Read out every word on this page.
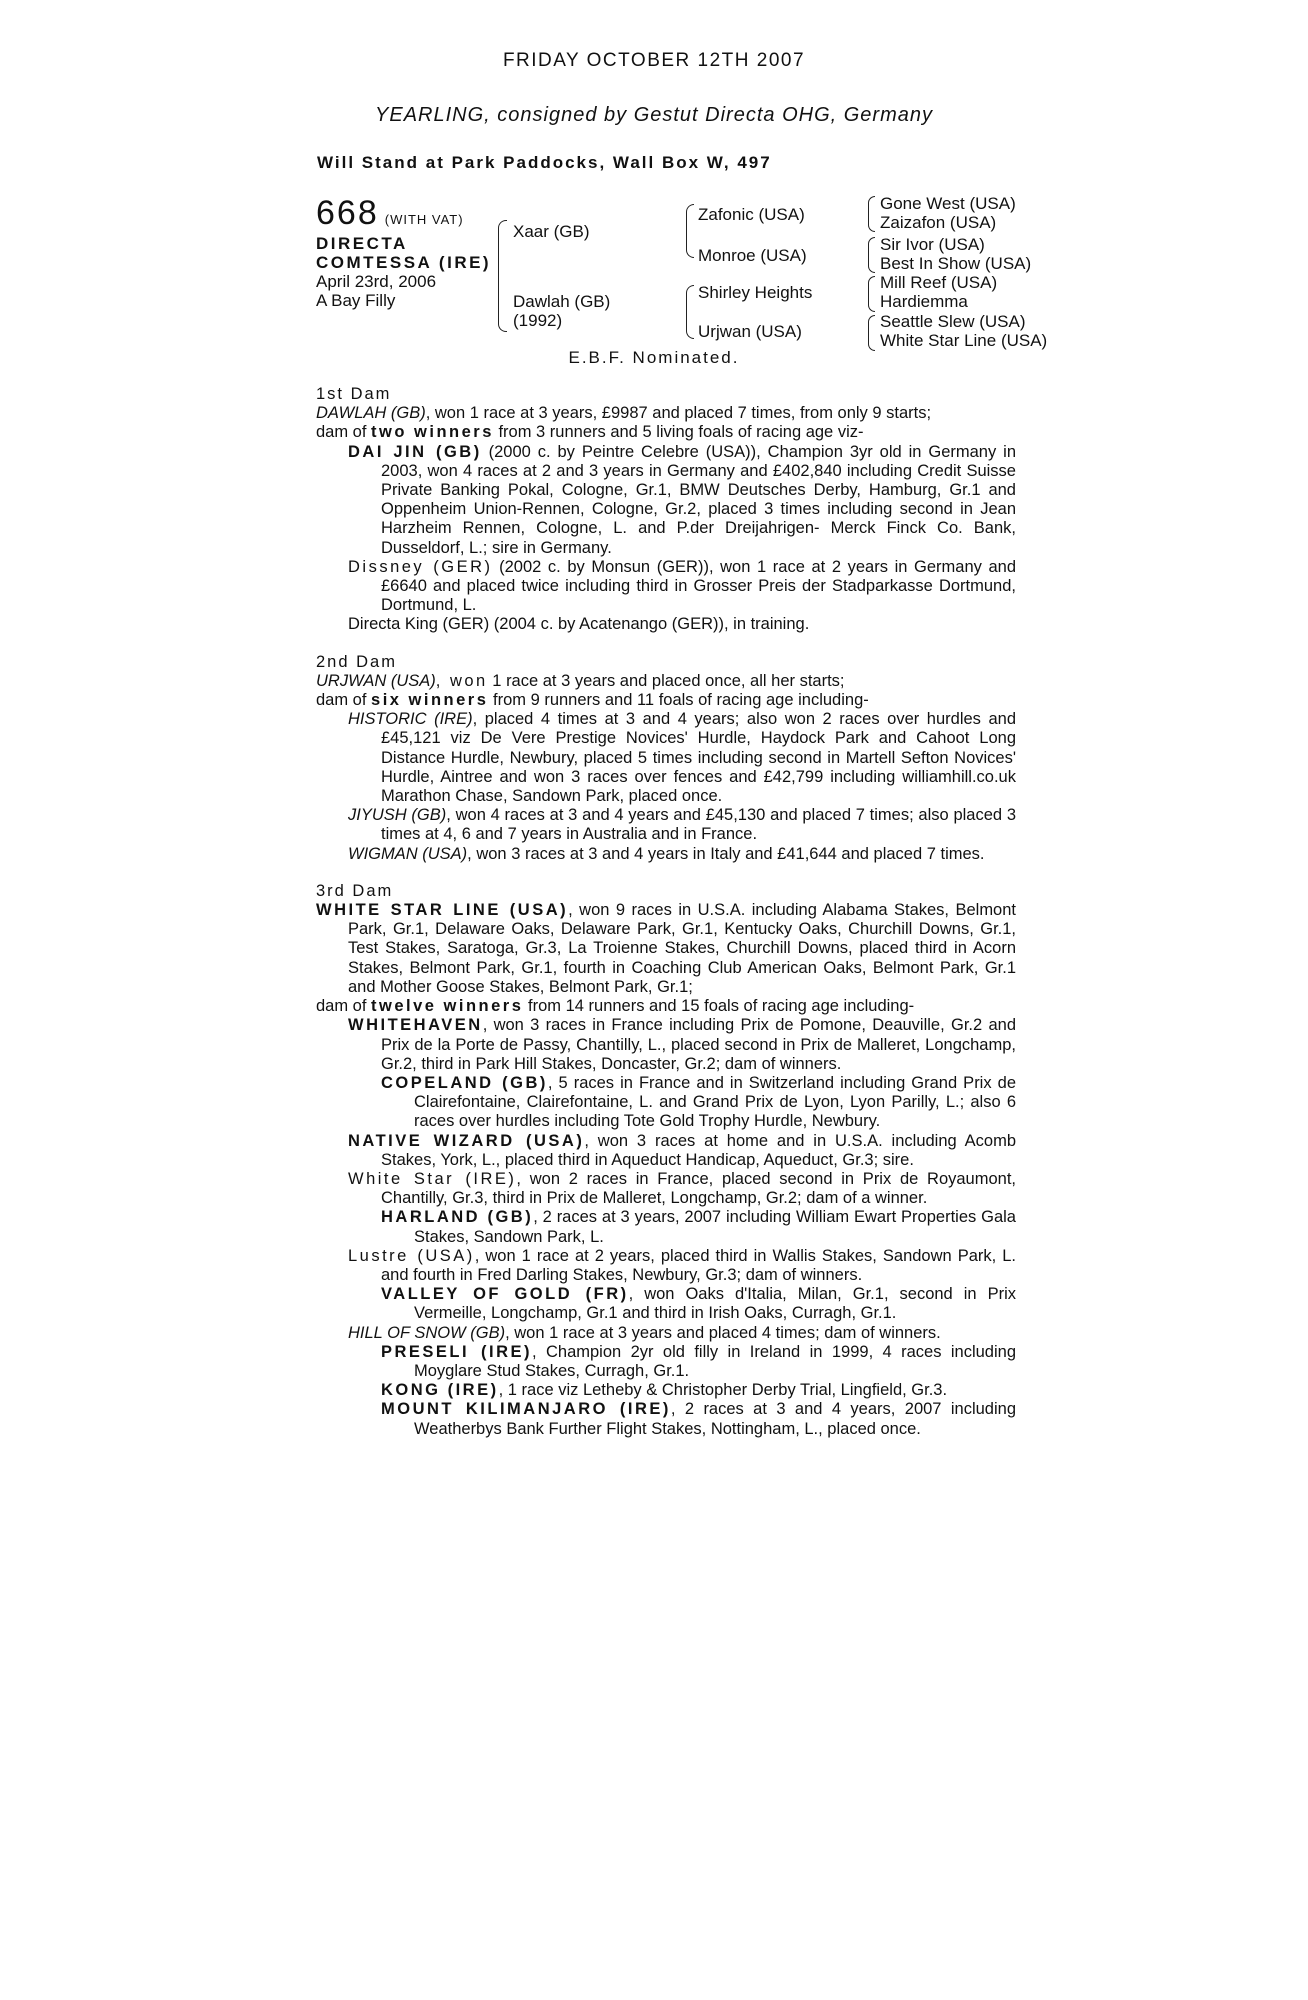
FRIDAY OCTOBER 12TH 2007
YEARLING, consigned by Gestut Directa OHG, Germany
Will Stand at Park Paddocks, Wall Box W, 497
668 (WITH VAT)
DIRECTA
COMTESSA (IRE)
April 23rd, 2006
A Bay Filly
Xaar (GB)
Dawlah (GB)
(1992)
Zafonic (USA)
Monroe (USA)
Shirley Heights
Urjwan (USA)
Gone West (USA)
Zaizafon (USA)
Sir Ivor (USA)
Best In Show (USA)
Mill Reef (USA)
Hardiemma
Seattle Slew (USA)
White Star Line (USA)
E.B.F. Nominated.

1st Dam

DAWLAH (GB), won 1 race at 3 years, £9987 and placed 7 times, from only 9 starts;

dam of two winners from 3 runners and 5 living foals of racing age viz-

DAI JIN (GB) (2000 c. by Peintre Celebre (USA)), Champion 3yr old in Germany in 2003, won 4 races at 2 and 3 years in Germany and £402,840 including Credit Suisse Private Banking Pokal, Cologne, Gr.1, BMW Deutsches Derby, Hamburg, Gr.1 and Oppenheim Union-Rennen, Cologne, Gr.2, placed 3 times including second in Jean Harzheim Rennen, Cologne, L. and P.der Dreijahrigen- Merck Finck Co. Bank, Dusseldorf, L.; sire in Germany.

Dissney (GER) (2002 c. by Monsun (GER)), won 1 race at 2 years in Germany and £6640 and placed twice including third in Grosser Preis der Stadparkasse Dortmund, Dortmund, L.

Directa King (GER) (2004 c. by Acatenango (GER)), in training.

2nd Dam

URJWAN (USA), won 1 race at 3 years and placed once, all her starts;

dam of six winners from 9 runners and 11 foals of racing age including-

HISTORIC (IRE), placed 4 times at 3 and 4 years; also won 2 races over hurdles and £45,121 viz De Vere Prestige Novices' Hurdle, Haydock Park and Cahoot Long Distance Hurdle, Newbury, placed 5 times including second in Martell Sefton Novices' Hurdle, Aintree and won 3 races over fences and £42,799 including williamhill.co.uk Marathon Chase, Sandown Park, placed once.

JIYUSH (GB), won 4 races at 3 and 4 years and £45,130 and placed 7 times; also placed 3 times at 4, 6 and 7 years in Australia and in France.

WIGMAN (USA), won 3 races at 3 and 4 years in Italy and £41,644 and placed 7 times.

3rd Dam

WHITE STAR LINE (USA), won 9 races in U.S.A. including Alabama Stakes, Belmont Park, Gr.1, Delaware Oaks, Delaware Park, Gr.1, Kentucky Oaks, Churchill Downs, Gr.1, Test Stakes, Saratoga, Gr.3, La Troienne Stakes, Churchill Downs, placed third in Acorn Stakes, Belmont Park, Gr.1, fourth in Coaching Club American Oaks, Belmont Park, Gr.1 and Mother Goose Stakes, Belmont Park, Gr.1;

dam of twelve winners from 14 runners and 15 foals of racing age including-

WHITEHAVEN, won 3 races in France including Prix de Pomone, Deauville, Gr.2 and Prix de la Porte de Passy, Chantilly, L., placed second in Prix de Malleret, Longchamp, Gr.2, third in Park Hill Stakes, Doncaster, Gr.2; dam of winners.

COPELAND (GB), 5 races in France and in Switzerland including Grand Prix de Clairefontaine, Clairefontaine, L. and Grand Prix de Lyon, Lyon Parilly, L.; also 6 races over hurdles including Tote Gold Trophy Hurdle, Newbury.

NATIVE WIZARD (USA), won 3 races at home and in U.S.A. including Acomb Stakes, York, L., placed third in Aqueduct Handicap, Aqueduct, Gr.3; sire.

White Star (IRE), won 2 races in France, placed second in Prix de Royaumont, Chantilly, Gr.3, third in Prix de Malleret, Longchamp, Gr.2; dam of a winner.

HARLAND (GB), 2 races at 3 years, 2007 including William Ewart Properties Gala Stakes, Sandown Park, L.

Lustre (USA), won 1 race at 2 years, placed third in Wallis Stakes, Sandown Park, L. and fourth in Fred Darling Stakes, Newbury, Gr.3; dam of winners.

VALLEY OF GOLD (FR), won Oaks d'Italia, Milan, Gr.1, second in Prix Vermeille, Longchamp, Gr.1 and third in Irish Oaks, Curragh, Gr.1.

HILL OF SNOW (GB), won 1 race at 3 years and placed 4 times; dam of winners.

PRESELI (IRE), Champion 2yr old filly in Ireland in 1999, 4 races including Moyglare Stud Stakes, Curragh, Gr.1.

KONG (IRE), 1 race viz Letheby & Christopher Derby Trial, Lingfield, Gr.3.

MOUNT KILIMANJARO (IRE), 2 races at 3 and 4 years, 2007 including Weatherbys Bank Further Flight Stakes, Nottingham, L., placed once.
